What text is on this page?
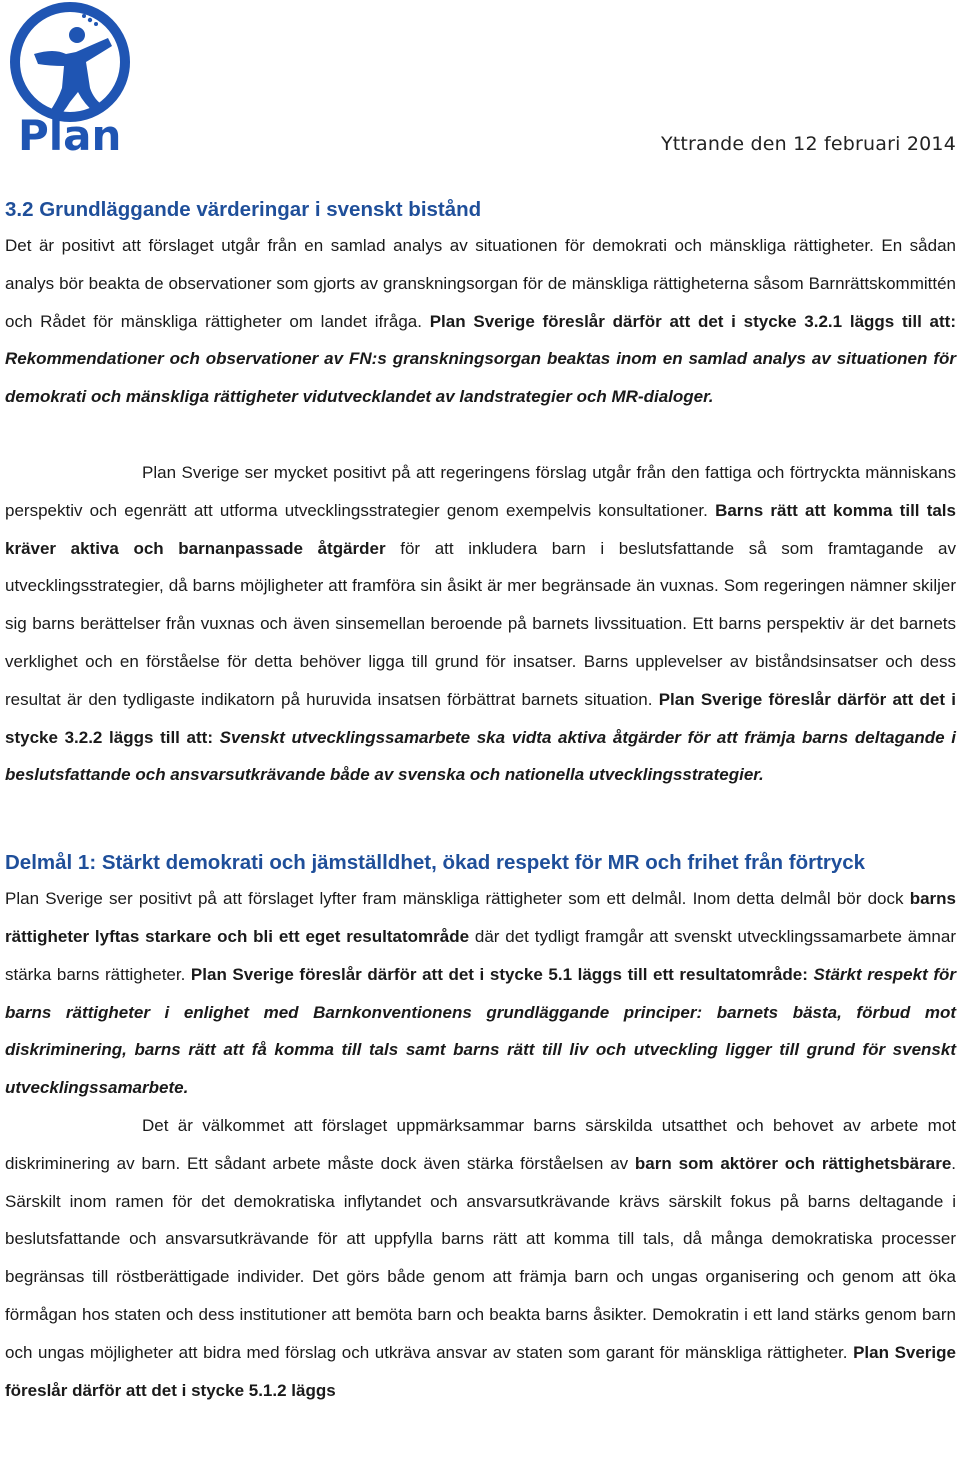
Plan	Yttrande den 12 februari 2014
3.2 Grundläggande värderingar i svenskt bistånd

Det är positivt att förslaget utgår från en samlad analys av situationen för demokrati och mänskliga rättigheter. En sådan analys bör beakta de observationer som gjorts av granskningsorgan för de mänskliga rättigheterna såsom Barnrättskommittén och Rådet för mänskliga rättigheter om landet ifråga. Plan Sverige föreslår därför att det i stycke 3.2.1 läggs till att: Rekommendationer och observationer av FN:s granskningsorgan beaktas inom en samlad analys av situationen för demokrati och mänskliga rättigheter vidutvecklandet av landstrategier och MR-dialoger.

Plan Sverige ser mycket positivt på att regeringens förslag utgår från den fattiga och förtryckta människans perspektiv och egenrätt att utforma utvecklingsstrategier genom exempelvis konsultationer. Barns rätt att komma till tals kräver aktiva och barnanpassade åtgärder för att inkludera barn i beslutsfattande så som framtagande av utvecklingsstrategier, då barns möjligheter att framföra sin åsikt är mer begränsade än vuxnas. Som regeringen nämner skiljer sig barns berättelser från vuxnas och även sinsemellan beroende på barnets livssituation. Ett barns perspektiv är det barnets verklighet och en förståelse för detta behöver ligga till grund för insatser. Barns upplevelser av biståndsinsatser och dess resultat är den tydligaste indikatorn på huruvida insatsen förbättrat barnets situation. Plan Sverige föreslår därför att det i stycke 3.2.2 läggs till att: Svenskt utvecklingssamarbete ska vidta aktiva åtgärder för att främja barns deltagande i beslutsfattande och ansvarsutkrävande både av svenska och nationella utvecklingsstrategier.

Delmål 1: Stärkt demokrati och jämställdhet, ökad respekt för MR och frihet från förtryck

Plan Sverige ser positivt på att förslaget lyfter fram mänskliga rättigheter som ett delmål. Inom detta delmål bör dock barns rättigheter lyftas starkare och bli ett eget resultatområde där det tydligt framgår att svenskt utvecklingssamarbete ämnar stärka barns rättigheter. Plan Sverige föreslår därför att det i stycke 5.1 läggs till ett resultatområde: Stärkt respekt för barns rättigheter i enlighet med Barnkonventionens grundläggande principer: barnets bästa, förbud mot diskriminering, barns rätt att få komma till tals samt barns rätt till liv och utveckling ligger till grund för svenskt utvecklingssamarbete.

Det är välkommet att förslaget uppmärksammar barns särskilda utsatthet och behovet av arbete mot diskriminering av barn. Ett sådant arbete måste dock även stärka förståelsen av barn som aktörer och rättighetsbärare. Särskilt inom ramen för det demokratiska inflytandet och ansvarsutkrävande krävs särskilt fokus på barns deltagande i beslutsfattande och ansvarsutkrävande för att uppfylla barns rätt att komma till tals, då många demokratiska processer begränsas till röstberättigade individer. Det görs både genom att främja barn och ungas organisering och genom att öka förmågan hos staten och dess institutioner att bemöta barn och beakta barns åsikter. Demokratin i ett land stärks genom barn och ungas möjligheter att bidra med förslag och utkräva ansvar av staten som garant för mänskliga rättigheter. Plan Sverige föreslår därför att det i stycke 5.1.2 läggs
